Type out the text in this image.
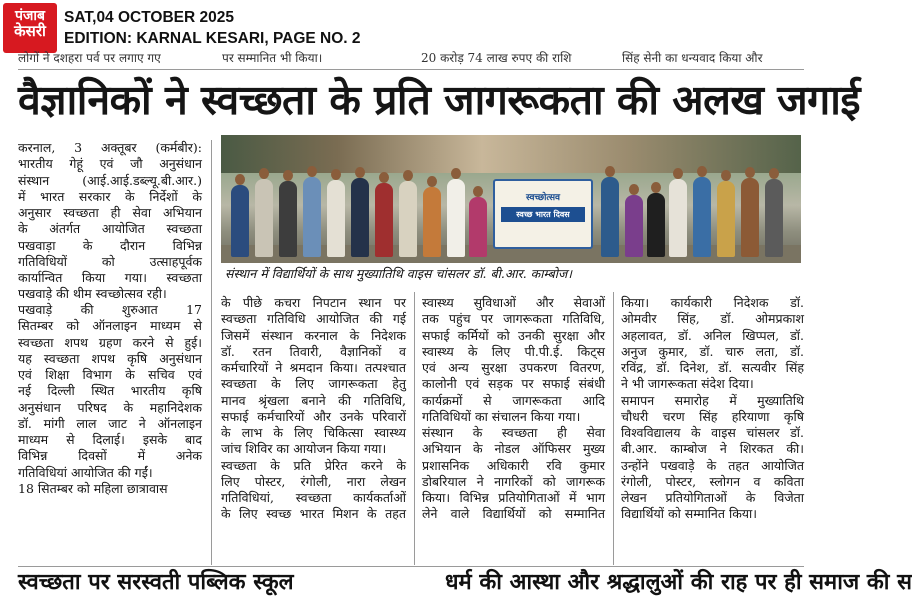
पंजाब
केसरी
SAT,04 OCTOBER 2025
EDITION: KARNAL KESARI, PAGE NO. 2
लोगों ने दशहरा पर्व पर लगाए गए	पर सम्मानित भी किया।	20 करोड़ 74 लाख रुपए की राशि	सिंह सेनी का धन्यवाद किया और
वैज्ञानिकों ने स्वच्छता के प्रति जागरूकता की अलख जगाई
स्वच्छोत्सव
स्वच्छ भारत दिवस
संस्थान में विद्यार्थियों के साथ मुख्यातिथि वाइस चांसलर डॉ. बी.आर. काम्बोज।

करनाल, 3 अक्तूबर (कर्मबीर):

भारतीय गेहूं एवं जौ अनुसंधान

संस्थान (आई.आई.डब्ल्यू.बी.आर.)

में भारत सरकार के निर्देशों के

अनुसार स्वच्छता ही सेवा अभियान

के अंतर्गत आयोजित स्वच्छता

पखवाड़ा के दौरान विभिन्न

गतिविधियों को उत्साहपूर्वक

कार्यान्वित किया गया। स्वच्छता

पखवाड़े की थीम स्वच्छोत्सव रही।

पखवाड़े की शुरुआत 17

सितम्बर को ऑनलाइन माध्यम से

स्वच्छता शपथ ग्रहण करने से हुई।

यह स्वच्छता शपथ कृषि अनुसंधान

एवं शिक्षा विभाग के सचिव एवं

नई दिल्ली स्थित भारतीय कृषि

अनुसंधान परिषद के महानिदेशक

डॉ. मांगी लाल जाट ने ऑनलाइन

माध्यम से दिलाई। इसके बाद

विभिन्न दिवसों में अनेक

गतिविधियां आयोजित की गईं।

18 सितम्बर को महिला छात्रावास

के पीछे कचरा निपटान स्थान पर

स्वच्छता गतिविधि आयोजित की गई

जिसमें संस्थान करनाल के निदेशक

डॉ. रतन तिवारी, वैज्ञानिकों व

कर्मचारियों ने श्रमदान किया। तत्पश्चात

स्वच्छता के लिए जागरूकता हेतु

मानव श्रृंखला बनाने की गतिविधि,

सफाई कर्मचारियों और उनके परिवारों

के लाभ के लिए चिकित्सा स्वास्थ्य

जांच शिविर का आयोजन किया गया।

स्वच्छता के प्रति प्रेरित करने के

लिए पोस्टर, रंगोली, नारा लेखन

गतिविधियां, स्वच्छता कार्यकर्ताओं

के लिए स्वच्छ भारत मिशन के तहत

स्वास्थ्य सुविधाओं और सेवाओं

तक पहुंच पर जागरूकता गतिविधि,

सफाई कर्मियों को उनकी सुरक्षा और

स्वास्थ्य के लिए पी.पी.ई. किट्स

एवं अन्य सुरक्षा उपकरण वितरण,

कालोनी एवं सड़क पर सफाई संबंधी

कार्यक्रमों से जागरूकता आदि

गतिविधियों का संचालन किया गया।

संस्थान के स्वच्छता ही सेवा

अभियान के नोडल ऑफिसर मुख्य

प्रशासनिक अधिकारी रवि कुमार

डोबरियाल ने नागरिकों को जागरूक

किया। विभिन्न प्रतियोगिताओं में भाग

लेने वाले विद्यार्थियों को सम्मानित

किया। कार्यकारी निदेशक डॉ.

ओमवीर सिंह, डॉ. ओमप्रकाश

अहलावत, डॉ. अनिल खिप्पल, डॉ.

अनुज कुमार, डॉ. चारु लता, डॉ.

रविंद्र, डॉ. दिनेश, डॉ. सत्यवीर सिंह

ने भी जागरूकता संदेश दिया।

समापन समारोह में मुख्यातिथि

चौधरी चरण सिंह हरियाणा कृषि

विश्वविद्यालय के वाइस चांसलर डॉ.

बी.आर. काम्बोज ने शिरकत की।

उन्होंने पखवाड़े के तहत आयोजित

रंगोली, पोस्टर, स्लोगन व कविता

लेखन प्रतियोगिताओं के विजेता

विद्यार्थियों को सम्मानित किया।

स्वच्छता पर सरस्वती पब्लिक स्कूल	धर्म की आस्था और श्रद्धालुओं की राह पर ही समाज की स
